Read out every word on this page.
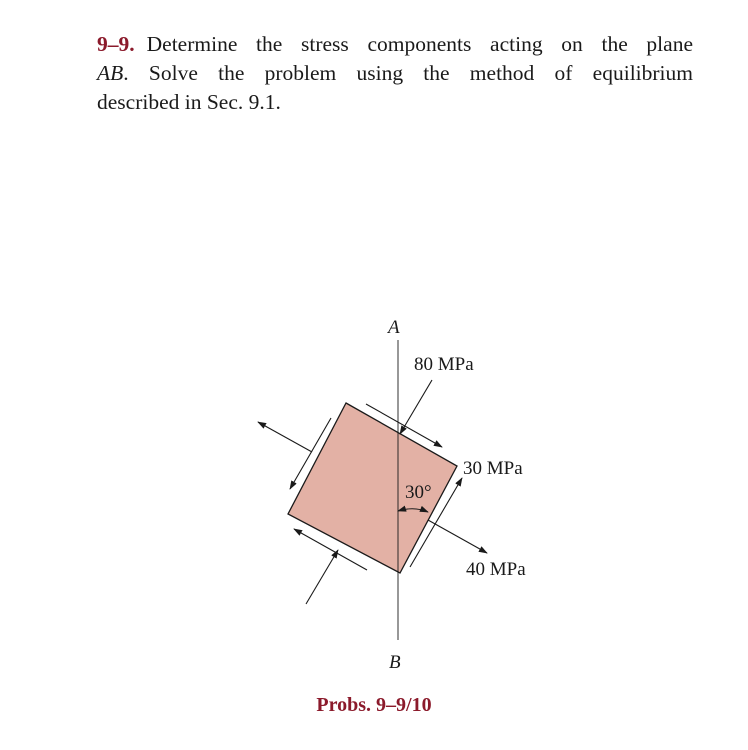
9–9. Determine the stress components acting on the plane
AB. Solve the problem using the method of equilibrium
described in Sec. 9.1.
A
B
80 MPa
30 MPa
30°
40 MPa
Probs. 9–9/10
